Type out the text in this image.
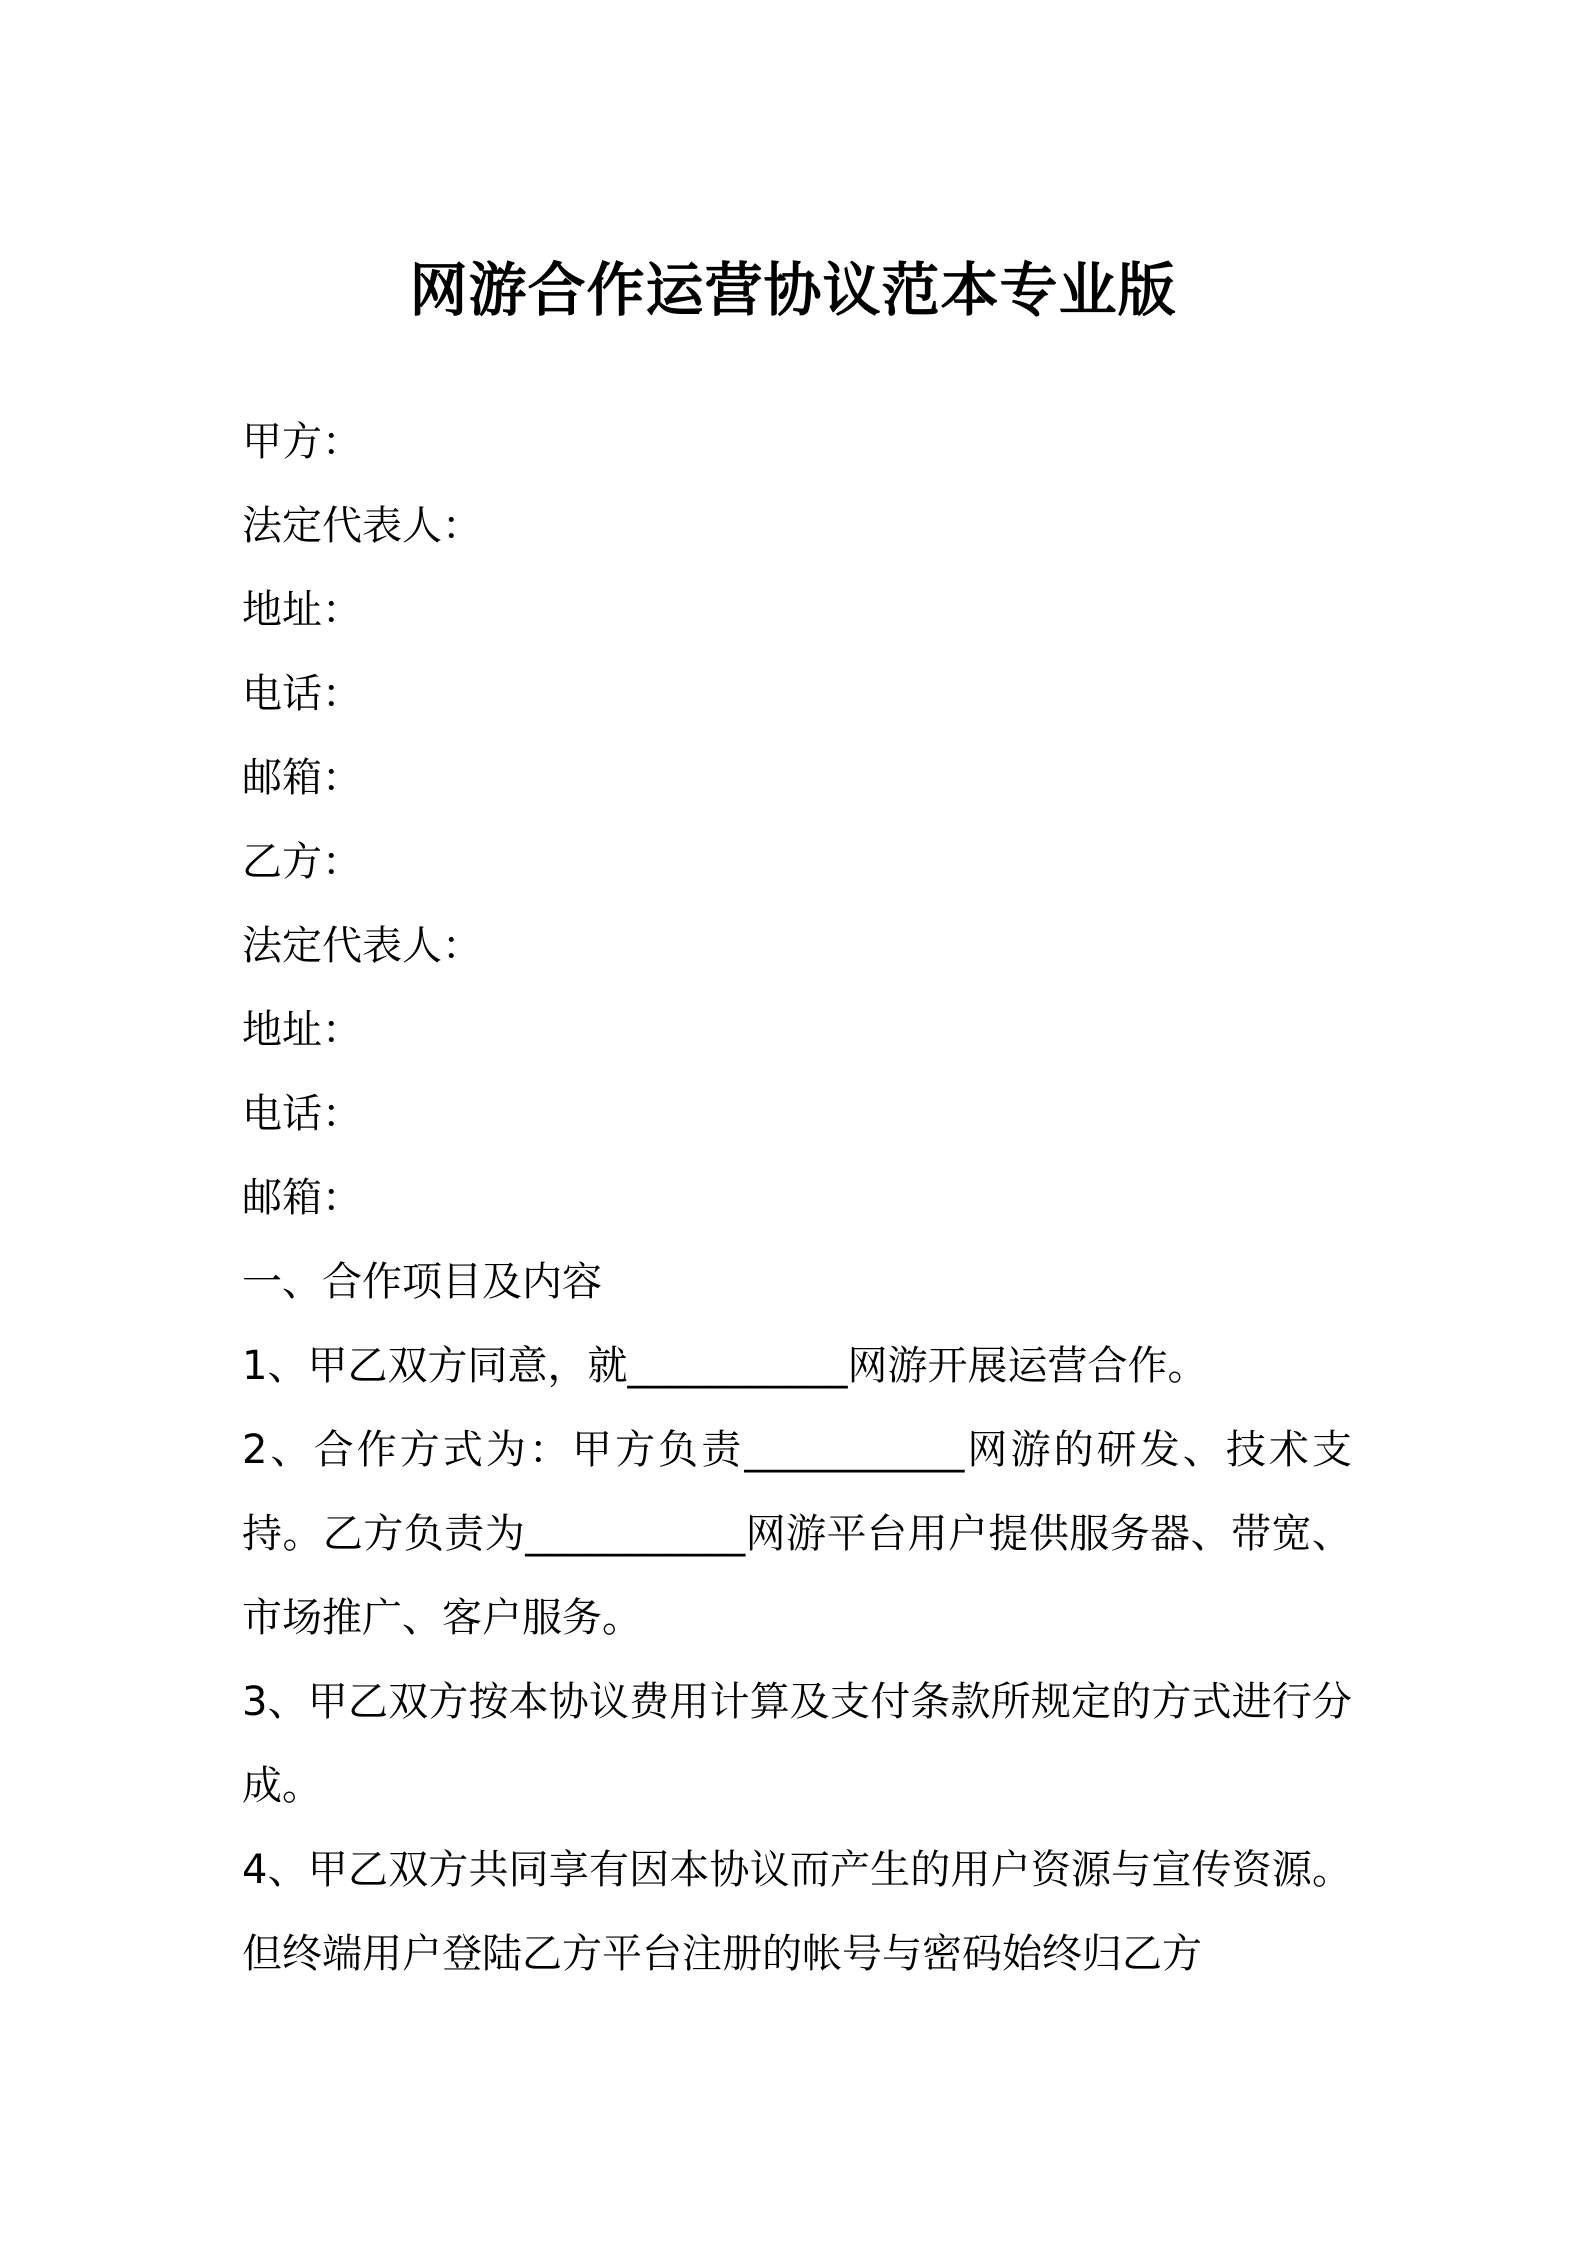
网游合作运营协议范本专业版
甲方：
法定代表人：
地址：
电话：
邮箱：
乙方：
法定代表人：
地址：
电话：
邮箱：
一、合作项目及内容
1、甲乙双方同意，就___________网游开展运营合作。
2、合作方式为：甲方负责___________网游的研发、技术支持。乙方负责为___________网游平台用户提供服务器、带宽、市场推广、客户服务。
3、甲乙双方按本协议费用计算及支付条款所规定的方式进行分成。
4、甲乙双方共同享有因本协议而产生的用户资源与宣传资源。但终端用户登陆乙方平台注册的帐号与密码始终归乙方
